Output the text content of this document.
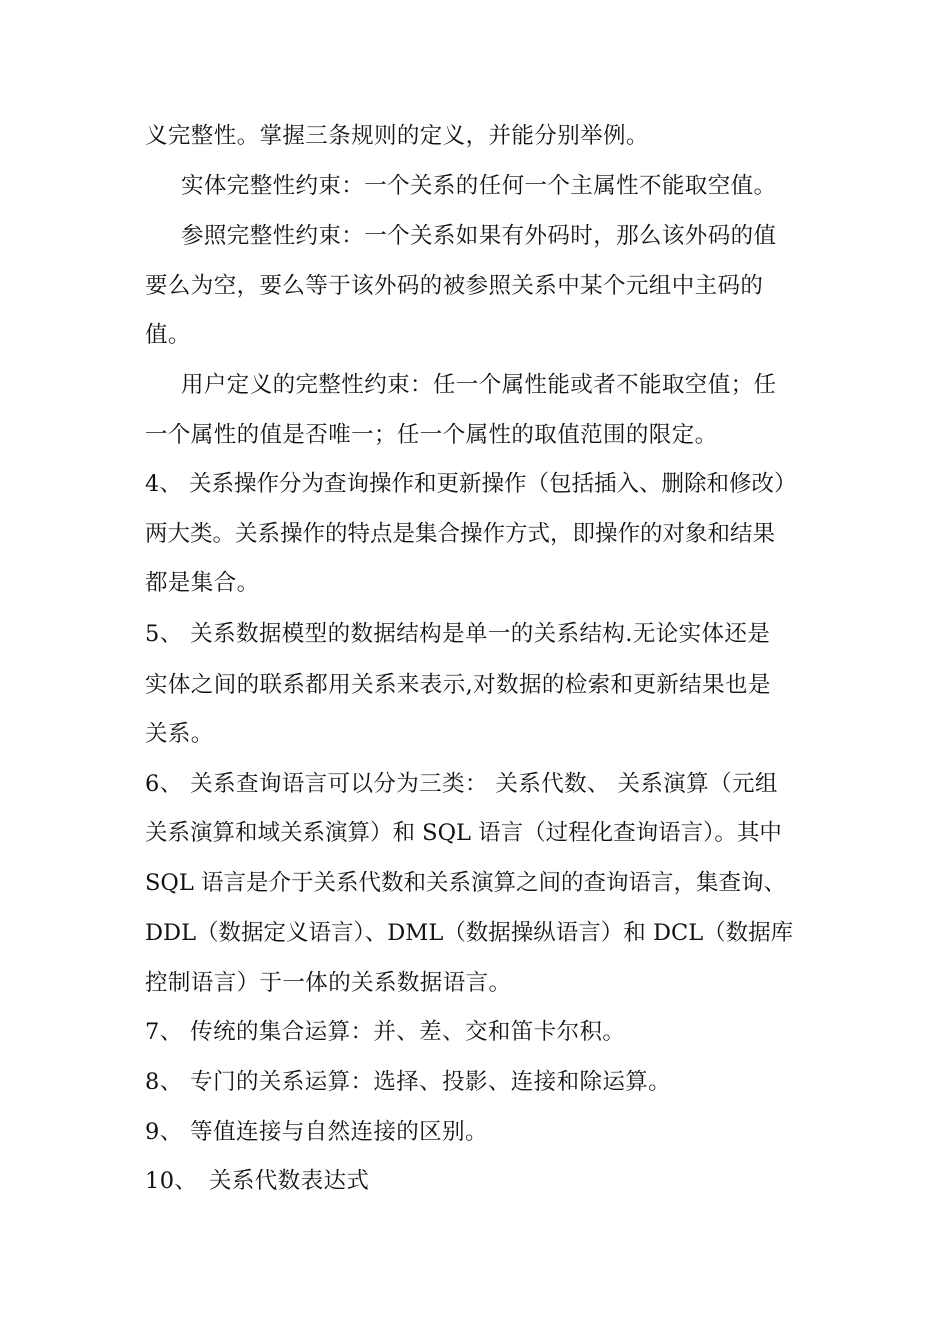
义完整性。掌握三条规则的定义，并能分别举例。
实体完整性约束：一个关系的任何一个主属性不能取空值。
参照完整性约束：一个关系如果有外码时，那么该外码的值
要么为空，要么等于该外码的被参照关系中某个元组中主码的
值。
用户定义的完整性约束：任一个属性能或者不能取空值；任
一个属性的值是否唯一；任一个属性的取值范围的限定。
4、 关系操作分为查询操作和更新操作（包括插入、删除和修改）
两大类。关系操作的特点是集合操作方式，即操作的对象和结果
都是集合。
5、 关系数据模型的数据结构是单一的关系结构.无论实体还是
实体之间的联系都用关系来表示,对数据的检索和更新结果也是
关系。
6、 关系查询语言可以分为三类： 关系代数、 关系演算（元组
关系演算和域关系演算）和 SQL 语言（过程化查询语言）。其中
SQL 语言是介于关系代数和关系演算之间的查询语言，集查询、
DDL（数据定义语言）、DML（数据操纵语言）和 DCL（数据库
控制语言）于一体的关系数据语言。
7、 传统的集合运算：并、差、交和笛卡尔积。
8、 专门的关系运算：选择、投影、连接和除运算。
9、 等值连接与自然连接的区别。
10、　关系代数表达式
